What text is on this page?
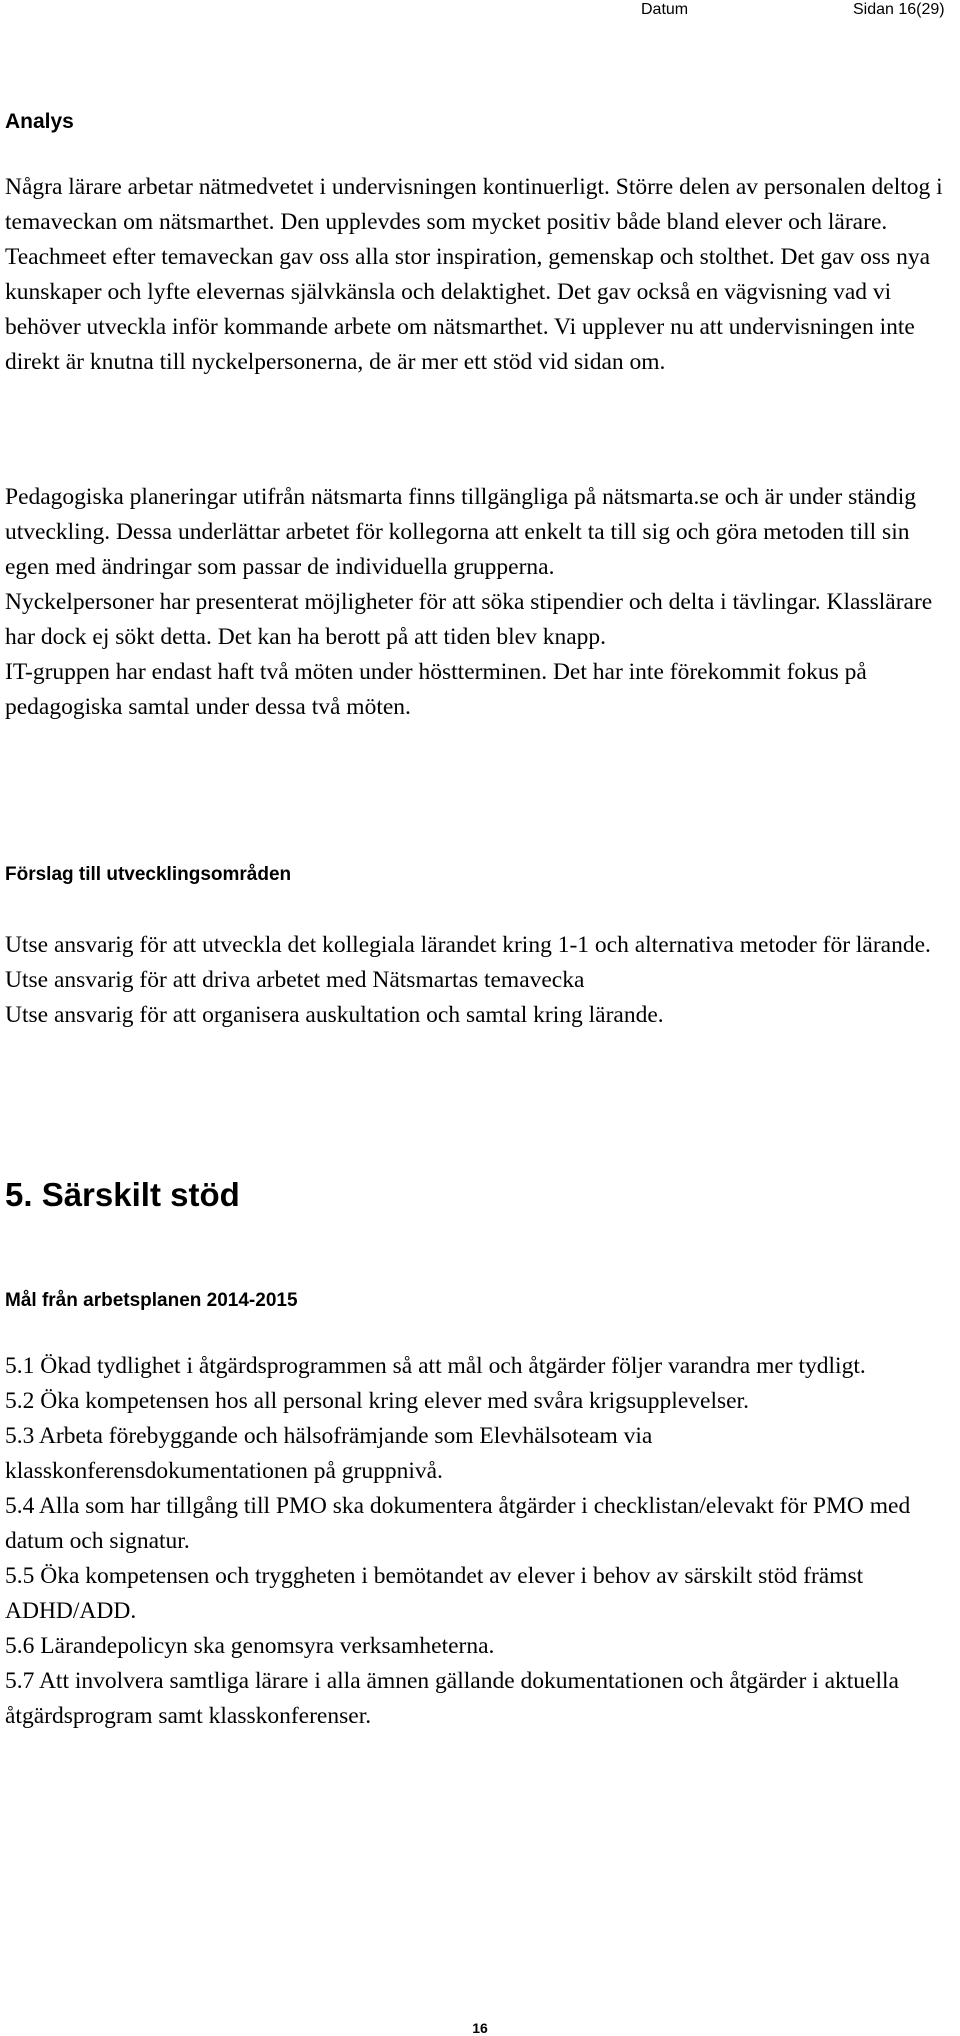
Datum	Sidan 16(29)
Analys

Några lärare arbetar nätmedvetet i undervisningen kontinuerligt. Större delen av personalen deltog i temaveckan om nätsmarthet. Den upplevdes som mycket positiv både bland elever och lärare. Teachmeet efter temaveckan gav oss alla stor inspiration, gemenskap och stolthet. Det gav oss nya kunskaper och lyfte elevernas självkänsla och delaktighet. Det gav också en vägvisning vad vi behöver utveckla inför kommande arbete om nätsmarthet. Vi upplever nu att undervisningen inte direkt är knutna till nyckelpersonerna, de är mer ett stöd vid sidan om.

Pedagogiska planeringar utifrån nätsmarta finns tillgängliga på nätsmarta.se och är under ständig utveckling. Dessa underlättar arbetet för kollegorna att enkelt ta till sig och göra metoden till sin egen med ändringar som passar de individuella grupperna.

Nyckelpersoner har presenterat möjligheter för att söka stipendier och delta i tävlingar. Klasslärare har dock ej sökt detta. Det kan ha berott på att tiden blev knapp.

IT-gruppen har endast haft två möten under höstterminen. Det har inte förekommit fokus på pedagogiska samtal under dessa två möten.

Förslag till utvecklingsområden

Utse ansvarig för att utveckla det kollegiala lärandet kring 1-1 och alternativa metoder för lärande.

Utse ansvarig för att driva arbetet med Nätsmartas temavecka

Utse ansvarig för att organisera auskultation och samtal kring lärande.

5. Särskilt stöd
Mål från arbetsplanen 2014-2015

5.1 Ökad tydlighet i åtgärdsprogrammen så att mål och åtgärder följer varandra mer tydligt.

5.2 Öka kompetensen hos all personal kring elever med svåra krigsupplevelser.

5.3 Arbeta förebyggande och hälsofrämjande som Elevhälsoteam via klasskonferensdokumentationen på gruppnivå.

5.4 Alla som har tillgång till PMO ska dokumentera åtgärder i checklistan/elevakt för PMO med datum och signatur.

5.5 Öka kompetensen och tryggheten i bemötandet av elever i behov av särskilt stöd främst ADHD/ADD.

5.6 Lärandepolicyn ska genomsyra verksamheterna.

5.7 Att involvera samtliga lärare i alla ämnen gällande dokumentationen och åtgärder i aktuella åtgärdsprogram samt klasskonferenser.

16
